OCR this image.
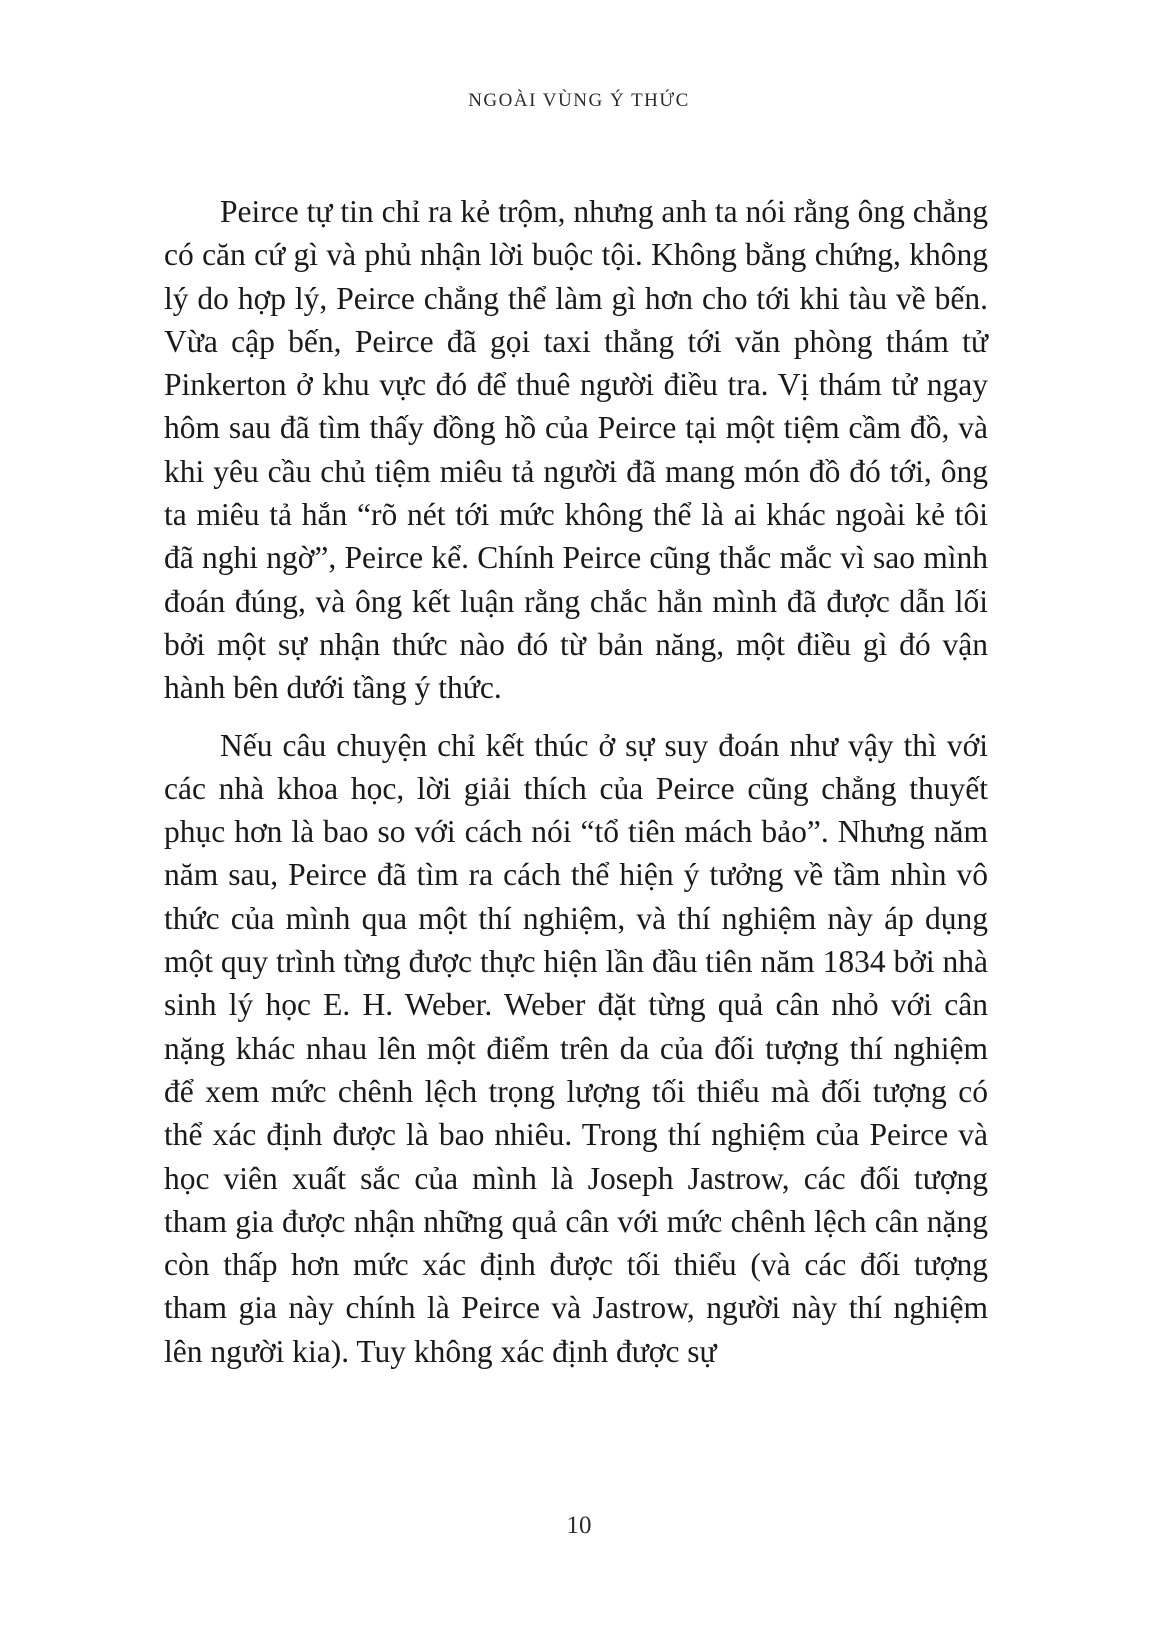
NGOÀI VÙNG Ý THỨC

Peirce tự tin chỉ ra kẻ trộm, nhưng anh ta nói rằng ông chẳng có căn cứ gì và phủ nhận lời buộc tội. Không bằng chứng, không lý do hợp lý, Peirce chẳng thể làm gì hơn cho tới khi tàu về bến. Vừa cập bến, Peirce đã gọi taxi thẳng tới văn phòng thám tử Pinkerton ở khu vực đó để thuê người điều tra. Vị thám tử ngay hôm sau đã tìm thấy đồng hồ của Peirce tại một tiệm cầm đồ, và khi yêu cầu chủ tiệm miêu tả người đã mang món đồ đó tới, ông ta miêu tả hắn “rõ nét tới mức không thể là ai khác ngoài kẻ tôi đã nghi ngờ”, Peirce kể. Chính Peirce cũng thắc mắc vì sao mình đoán đúng, và ông kết luận rằng chắc hẳn mình đã được dẫn lối bởi một sự nhận thức nào đó từ bản năng, một điều gì đó vận hành bên dưới tầng ý thức.

Nếu câu chuyện chỉ kết thúc ở sự suy đoán như vậy thì với các nhà khoa học, lời giải thích của Peirce cũng chẳng thuyết phục hơn là bao so với cách nói “tổ tiên mách bảo”. Nhưng năm năm sau, Peirce đã tìm ra cách thể hiện ý tưởng về tầm nhìn vô thức của mình qua một thí nghiệm, và thí nghiệm này áp dụng một quy trình từng được thực hiện lần đầu tiên năm 1834 bởi nhà sinh lý học E. H. Weber. Weber đặt từng quả cân nhỏ với cân nặng khác nhau lên một điểm trên da của đối tượng thí nghiệm để xem mức chênh lệch trọng lượng tối thiểu mà đối tượng có thể xác định được là bao nhiêu. Trong thí nghiệm của Peirce và học viên xuất sắc của mình là Joseph Jastrow, các đối tượng tham gia được nhận những quả cân với mức chênh lệch cân nặng còn thấp hơn mức xác định được tối thiểu (và các đối tượng tham gia này chính là Peirce và Jastrow, người này thí nghiệm lên người kia). Tuy không xác định được sự

10
